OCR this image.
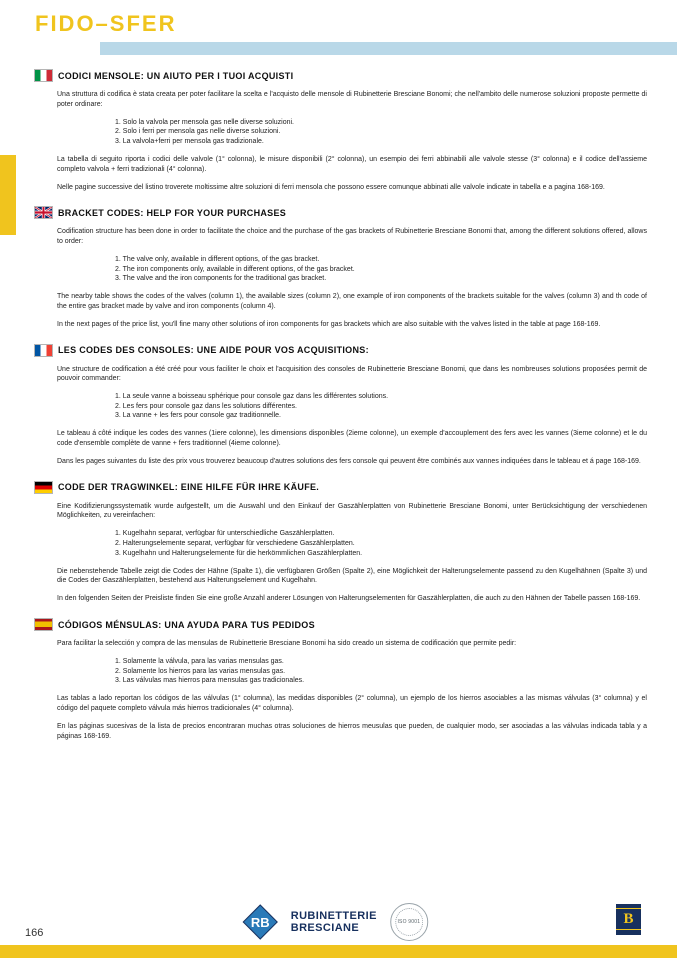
FIDO–SFER
CODICI MENSOLE: UN AIUTO PER I TUOI ACQUISTI

Una struttura di codifica è stata creata per poter facilitare la scelta e l'acquisto delle mensole di Rubinetterie Bresciane Bonomi; che nell'ambito delle numerose soluzioni proposte permette di poter ordinare:

1. Solo la valvola per mensola gas nelle diverse soluzioni.
2. Solo i ferri per mensola gas nelle diverse soluzioni.
3. La valvola+ferri per mensola gas tradizionale.

La tabella di seguito riporta i codici delle valvole (1° colonna), le misure disponibili (2° colonna), un esempio dei ferri abbinabili alle valvole stesse (3° colonna) e il codice dell'assieme completo valvola + ferri tradizionali (4° colonna).

Nelle pagine successive del listino troverete moltissime altre soluzioni di ferri mensola che possono essere comunque abbinati alle valvole indicate in tabella e a pagina 168-169.

BRACKET CODES: HELP FOR YOUR PURCHASES

Codification structure has been done in order to facilitate the choice and the purchase of the gas brackets of Rubinetterie Bresciane Bonomi that, among the different solutions offered, allows to order:

1. The valve only, available in different options, of the gas bracket.
2. The iron components only, available in different options, of the gas bracket.
3. The valve and the iron components for the traditional gas bracket.

The nearby table shows the codes of the valves (column 1), the available sizes (column 2), one example of iron components of the brackets suitable for the valves (column 3) and th code of the entire gas bracket made by valve and iron components (column 4).

In the next pages of the price list, you'll fine many other solutions of iron components for gas brackets which are also suitable with the valves listed in the table at page 168-169.

LES CODES DES CONSOLES: UNE AIDE POUR VOS ACQUISITIONS:

Une structure de codification a été créé pour vous faciliter le choix et l'acquisition des consoles de Rubinetterie Bresciane Bonomi, que dans les nombreuses solutions proposées permit de pouvoir commander:

1. La seule vanne a boisseau sphérique pour console gaz dans les différentes solutions.
2. Les fers pour console gaz dans les solutions différentes.
3. La vanne + les fers pour console gaz traditionnelle.

Le tableau á côté indique les codes des vannes (1iere colonne), les dimensions disponibles (2ieme colonne), un exemple d'accouplement des fers avec les vannes (3ieme colonne) et le du code d'ensemble complète de vanne + fers traditionnel (4ieme colonne).

Dans les pages suivantes du liste des prix vous trouverez beaucoup d'autres solutions des fers console qui peuvent être combinés aux vannes indiquées dans le tableau et á page 168-169.

CODE DER TRAGWINKEL: EINE HILFE FÜR IHRE KÄUFE.

Eine Kodifizierungssystematik wurde aufgestellt, um die Auswahl und den Einkauf der Gaszählerplatten von Rubinetterie Bresciane Bonomi, unter Berücksichtigung der verschiedenen Möglichkeiten, zu vereinfachen:

1. Kugelhahn separat, verfügbar für unterschiedliche Gaszählerplatten.
2. Halterungselemente separat, verfügbar für verschiedene Gaszählerplatten.
3. Kugelhahn und Halterungselemente für die herkömmlichen Gaszählerplatten.

Die nebenstehende Tabelle zeigt die Codes der Hähne (Spalte 1), die verfügbaren Größen (Spalte 2), eine Möglichkeit der Halterungselemente passend zu den Kugelhähnen (Spalte 3) und die Codes der Gaszählerplatten, bestehend aus Halterungselement und Kugelhahn.

In den folgenden Seiten der Preisliste finden Sie eine große Anzahl anderer Lösungen von Halterungselementen für Gaszählerplatten, die auch zu den Hähnen der Tabelle passen 168-169.

CÓDIGOS MÉNSULAS: UNA AYUDA PARA TUS PEDIDOS

Para facilitar la selección y compra de las mensulas de Rubinetterie Bresciane Bonomi ha sido creado un sistema de codificación que permite pedir:

1. Solamente la válvula, para las varias mensulas gas.
2. Solamente los hierros para las varias mensulas gas.
3. Las válvulas mas hierros para mensulas gas tradicionales.

Las tablas a lado reportan los códigos de las válvulas (1° columna), las medidas disponibles (2° columna), un ejemplo de los hierros asociables a las mismas válvulas (3° columna) y el código del paquete completo válvula más hierros tradicionales (4° columna).

En las páginas sucesivas de la lista de precios encontraran muchas otras soluciones de hierros meusulas que pueden, de cualquier modo, ser asociadas a las válvulas indicada tabla y a páginas 168-169.

166
RB RUBINETTERIE
BRESCIANE	ISO 9001	B
